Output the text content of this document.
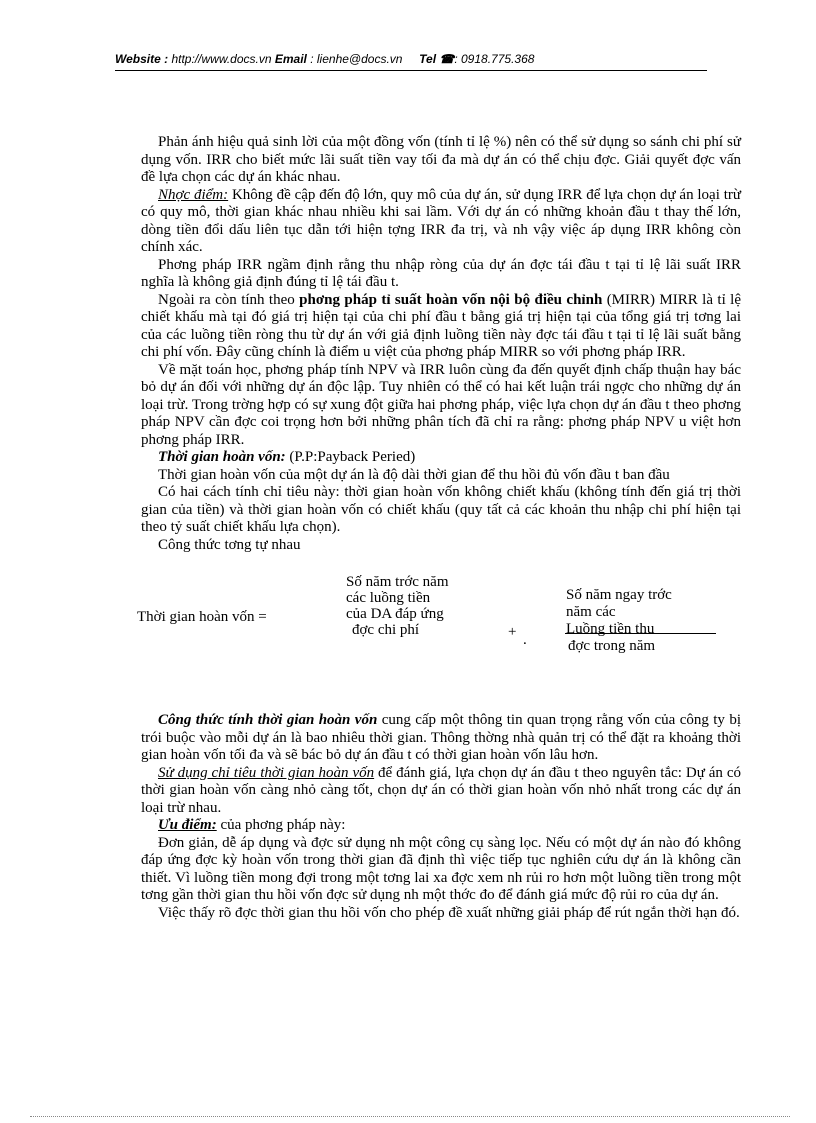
Website : http://www.docs.vn Email : lienhe@docs.vn Tel ☎: 0918.775.368

Phản ánh hiệu quả sinh lời của một đồng vốn (tính tỉ lệ %) nên có thể sử dụng so sánh chi phí sử dụng vốn. IRR cho biết mức lãi suất tiền vay tối đa mà dự án có thể chịu đợc. Giải quyết đợc vấn đề lựa chọn các dự án khác nhau.

Nhợc điểm: Không đề cập đến độ lớn, quy mô của dự án, sử dụng IRR để lựa chọn dự án loại trừ có quy mô, thời gian khác nhau nhiều khi sai lầm. Với dự án có những khoản đầu t thay thế lớn, dòng tiền đổi dấu liên tục dẫn tới hiện tợng IRR đa trị, và nh vậy việc áp dụng IRR không còn chính xác.

Phơng pháp IRR ngầm định rằng thu nhập ròng của dự án đợc tái đầu t tại tỉ lệ lãi suất IRR nghĩa là không giả định đúng tỉ lệ tái đầu t.

Ngoài ra còn tính theo phơng pháp tỉ suất hoàn vốn nội bộ điều chỉnh (MIRR) MIRR là tỉ lệ chiết khấu mà tại đó giá trị hiện tại của chi phí đầu t bằng giá trị hiện tại của tổng giá trị tơng lai của các luồng tiền ròng thu từ dự án với giả định luồng tiền này đợc tái đầu t tại tỉ lệ lãi suất bằng chi phí vốn. Đây cũng chính là điểm u việt của phơng pháp MIRR so với phơng pháp IRR.

Về mặt toán học, phơng pháp tính NPV và IRR luôn cùng đa đến quyết định chấp thuận hay bác bỏ dự án đối với những dự án độc lập. Tuy nhiên có thể có hai kết luận trái ngợc cho những dự án loại trừ. Trong trờng hợp có sự xung đột giữa hai phơng pháp, việc lựa chọn dự án đầu t theo phơng pháp NPV cần đợc coi trọng hơn bởi những phân tích đã chỉ ra rằng: phơng pháp NPV u việt hơn phơng pháp IRR.

Thời gian hoàn vốn: (P.P:Payback Peried)

Thời gian hoàn vốn của một dự án là độ dài thời gian để thu hồi đủ vốn đầu t ban đầu

Có hai cách tính chỉ tiêu này: thời gian hoàn vốn không chiết khấu (không tính đến giá trị thời gian của tiền) và thời gian hoàn vốn có chiết khấu (quy tất cả các khoản thu nhập chi phí hiện tại theo tỷ suất chiết khấu lựa chọn).

Công thức tơng tự nhau

Thời gian hoàn vốn =
Số năm trớc năm
các luồng tiền
của DA đáp ứng
đợc chi phí	+ .
Số năm ngay trớc
năm các
Luồng tiền thu
đợc trong năm

Công thức tính thời gian hoàn vốn cung cấp một thông tin quan trọng rằng vốn của công ty bị trói buộc vào mỗi dự án là bao nhiêu thời gian. Thông thờng nhà quản trị có thể đặt ra khoảng thời gian hoàn vốn tối đa và sẽ bác bỏ dự án đầu t có thời gian hoàn vốn lâu hơn.

Sử dụng chỉ tiêu thời gian hoàn vốn để đánh giá, lựa chọn dự án đầu t theo nguyên tắc: Dự án có thời gian hoàn vốn càng nhỏ càng tốt, chọn dự án có thời gian hoàn vốn nhỏ nhất trong các dự án loại trừ nhau.

Ưu điểm: của phơng pháp này:

Đơn giản, dễ áp dụng và đợc sử dụng nh một công cụ sàng lọc. Nếu có một dự án nào đó không đáp ứng đợc kỳ hoàn vốn trong thời gian đã định thì việc tiếp tục nghiên cứu dự án là không cần thiết. Vì luồng tiền mong đợi trong một tơng lai xa đợc xem nh rủi ro hơn một luồng tiền trong một tơng gần thời gian thu hồi vốn đợc sử dụng nh một thớc đo để đánh giá mức độ rủi ro của dự án.

Việc thấy rõ đợc thời gian thu hồi vốn cho phép đề xuất những giải pháp để rút ngắn thời hạn đó.
